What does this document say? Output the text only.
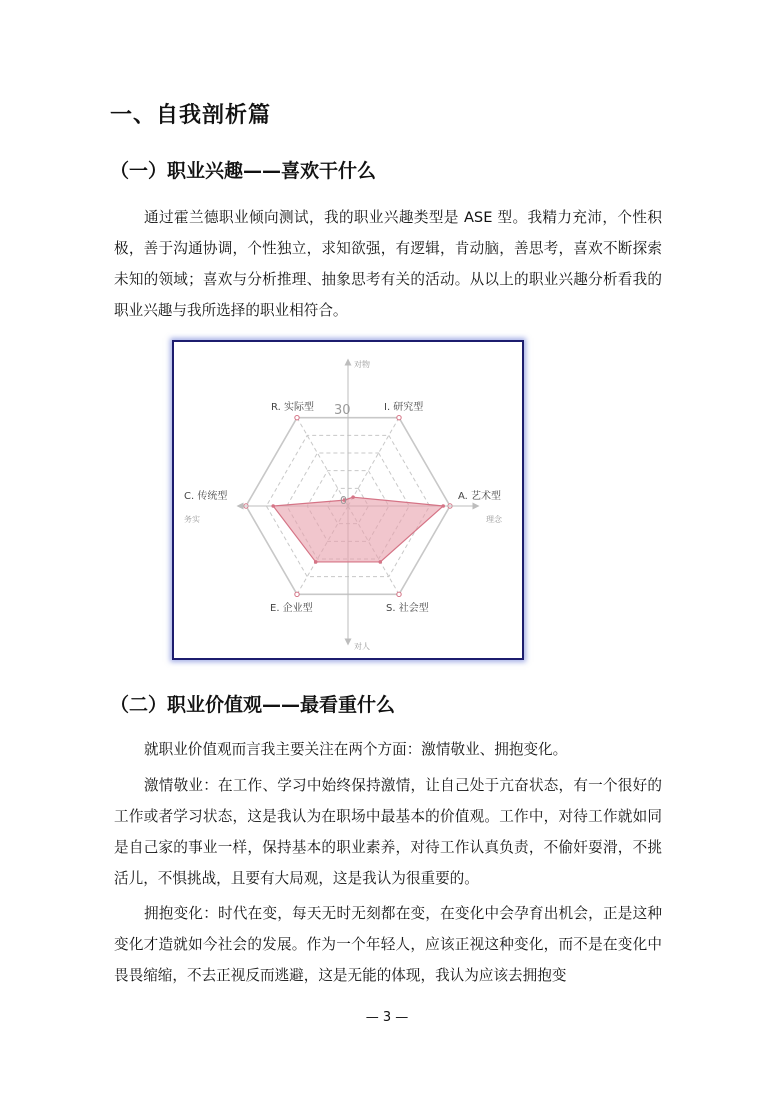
一、自我剖析篇
（一）职业兴趣——喜欢干什么

通过霍兰德职业倾向测试，我的职业兴趣类型是 ASE 型。我精力充沛，个性积极，善于沟通协调，个性独立，求知欲强，有逻辑，肯动脑，善思考，喜欢不断探索未知的领域；喜欢与分析推理、抽象思考有关的活动。从以上的职业兴趣分析看我的职业兴趣与我所选择的职业相符合。

对物
对人
务实	理念
30
0
I. 研究型
A. 艺术型
S. 社会型
E. 企业型
C. 传统型
R. 实际型
（二）职业价值观——最看重什么

就职业价值观而言我主要关注在两个方面：激情敬业、拥抱变化。

激情敬业：在工作、学习中始终保持激情，让自己处于亢奋状态，有一个很好的工作或者学习状态，这是我认为在职场中最基本的价值观。工作中，对待工作就如同是自己家的事业一样，保持基本的职业素养，对待工作认真负责，不偷奸耍滑，不挑活儿，不惧挑战，且要有大局观，这是我认为很重要的。

拥抱变化：时代在变，每天无时无刻都在变，在变化中会孕育出机会，正是这种变化才造就如今社会的发展。作为一个年轻人，应该正视这种变化，而不是在变化中畏畏缩缩，不去正视反而逃避，这是无能的体现，我认为应该去拥抱变

— 3 —
